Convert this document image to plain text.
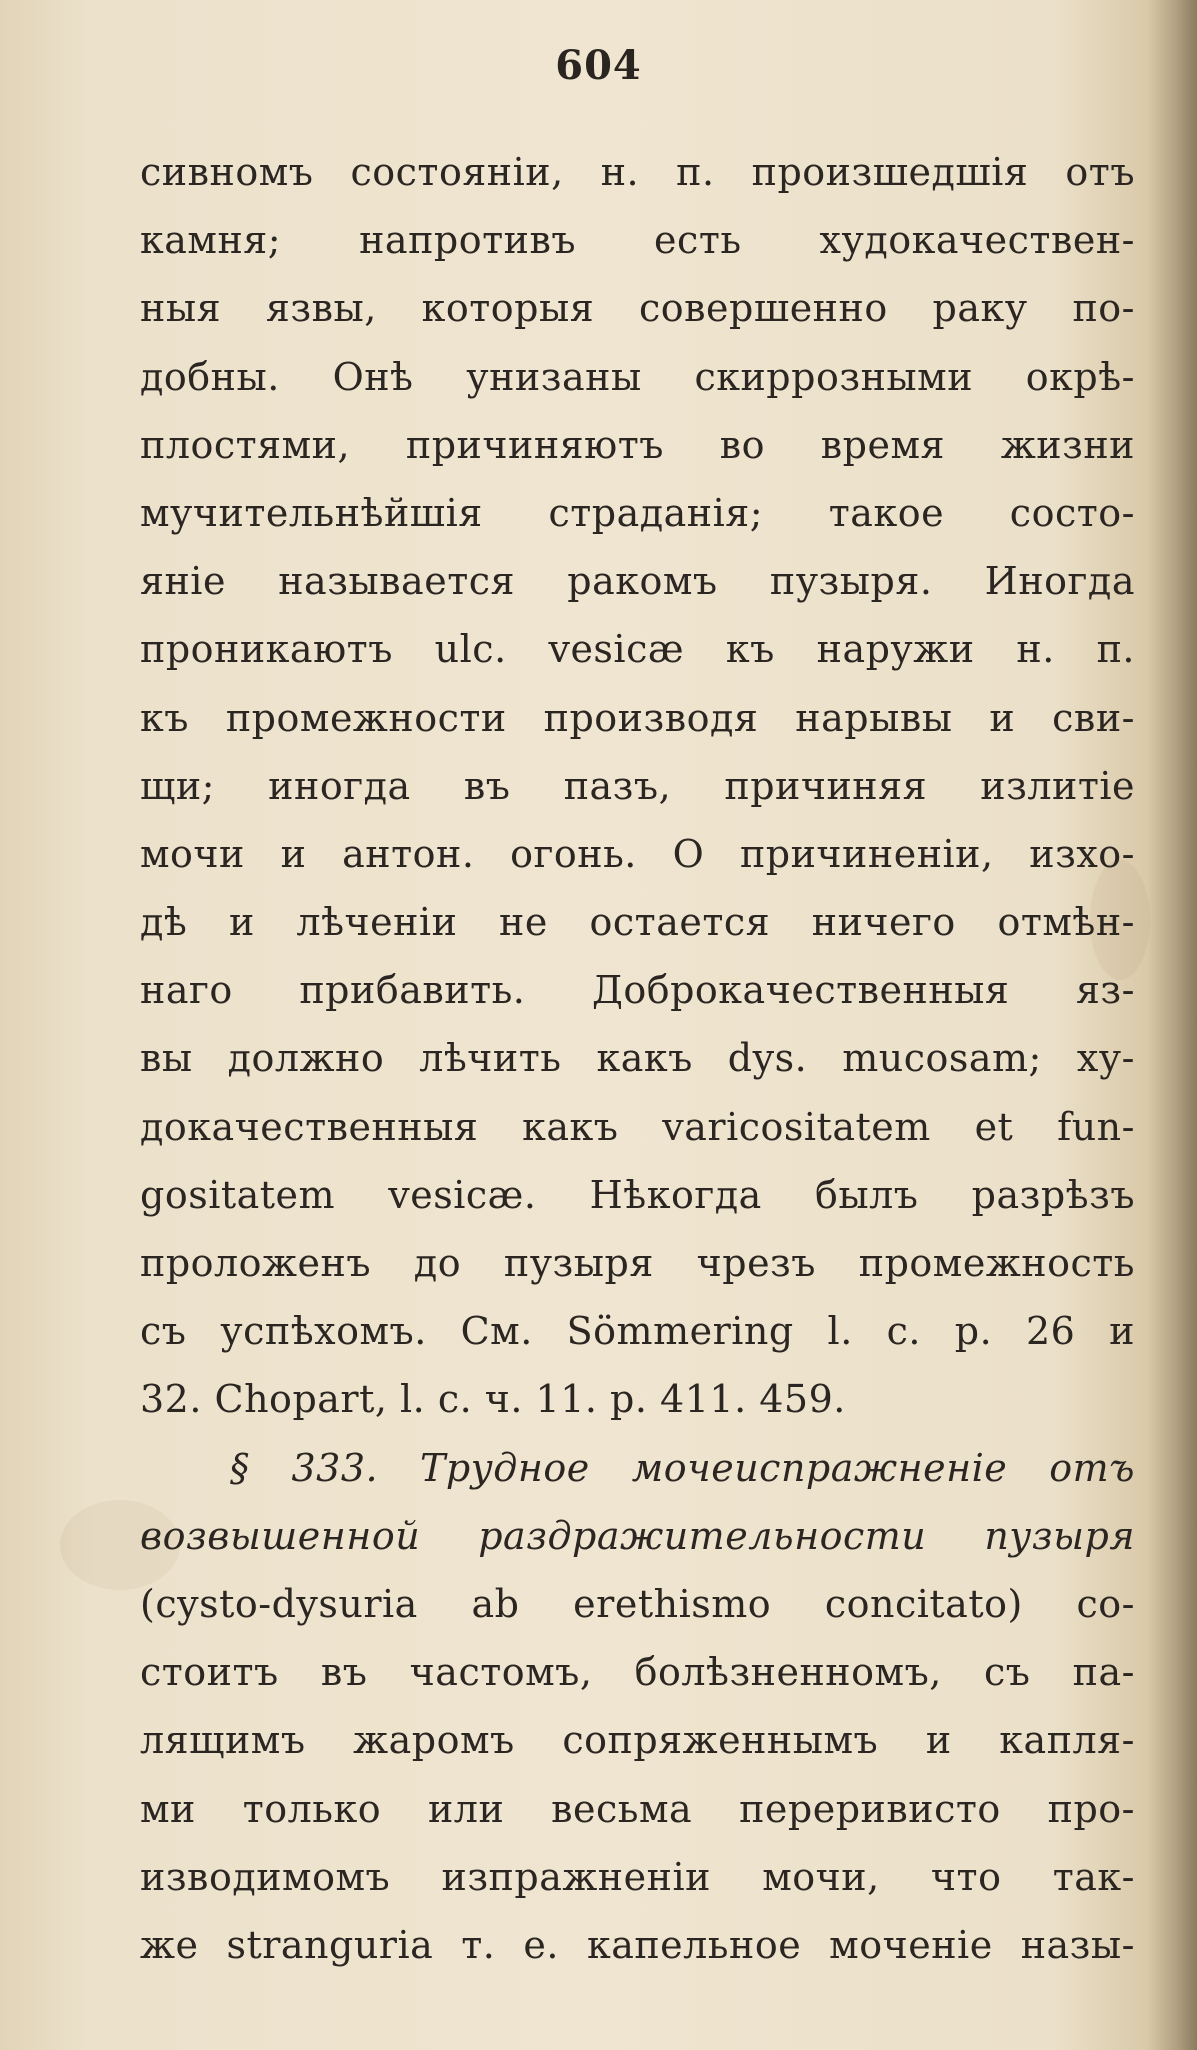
604
сивномъ состоянiи, н. п. произшедшiя отъ
камня; напротивъ есть худокачествен-
ныя язвы, которыя совершенно раку по-
добны. Онѣ унизаны скиррозными окрѣ-
плостями, причиняютъ во время жизни
мучительнѣйшiя страданiя; такое состо-
янiе называется ракомъ пузыря. Иногда
проникаютъ ulc. vesicæ къ наружи н. п.
къ промежности производя нарывы и сви-
щи; иногда въ пазъ, причиняя излитiе
мочи и антон. огонь. О причиненiи, изхо-
дѣ и лѣченiи не остается ничего отмѣн-
наго прибавить. Доброкачественныя яз-
вы должно лѣчить какъ dys. mucosam; ху-
докачественныя какъ varicositatem et fun-
gositatem vesicæ. Нѣкогда былъ разрѣзъ
проложенъ до пузыря чрезъ промежность
съ успѣхомъ. См. Sömmering l. c. p. 26 и
32. Chopart, l. c. ч. 11. p. 411. 459.
§ 333. Трудное мочеиспражненiе отъ
возвышенной раздражительности пузыря
(cysto-dysuria ab erethismo concitato) со-
стоитъ въ частомъ, болѣзненномъ, съ па-
лящимъ жаромъ сопряженнымъ и капля-
ми только или весьма переривисто про-
изводимомъ изпражненiи мочи, что так-
же stranguria т. е. капельное моченiе назы-
